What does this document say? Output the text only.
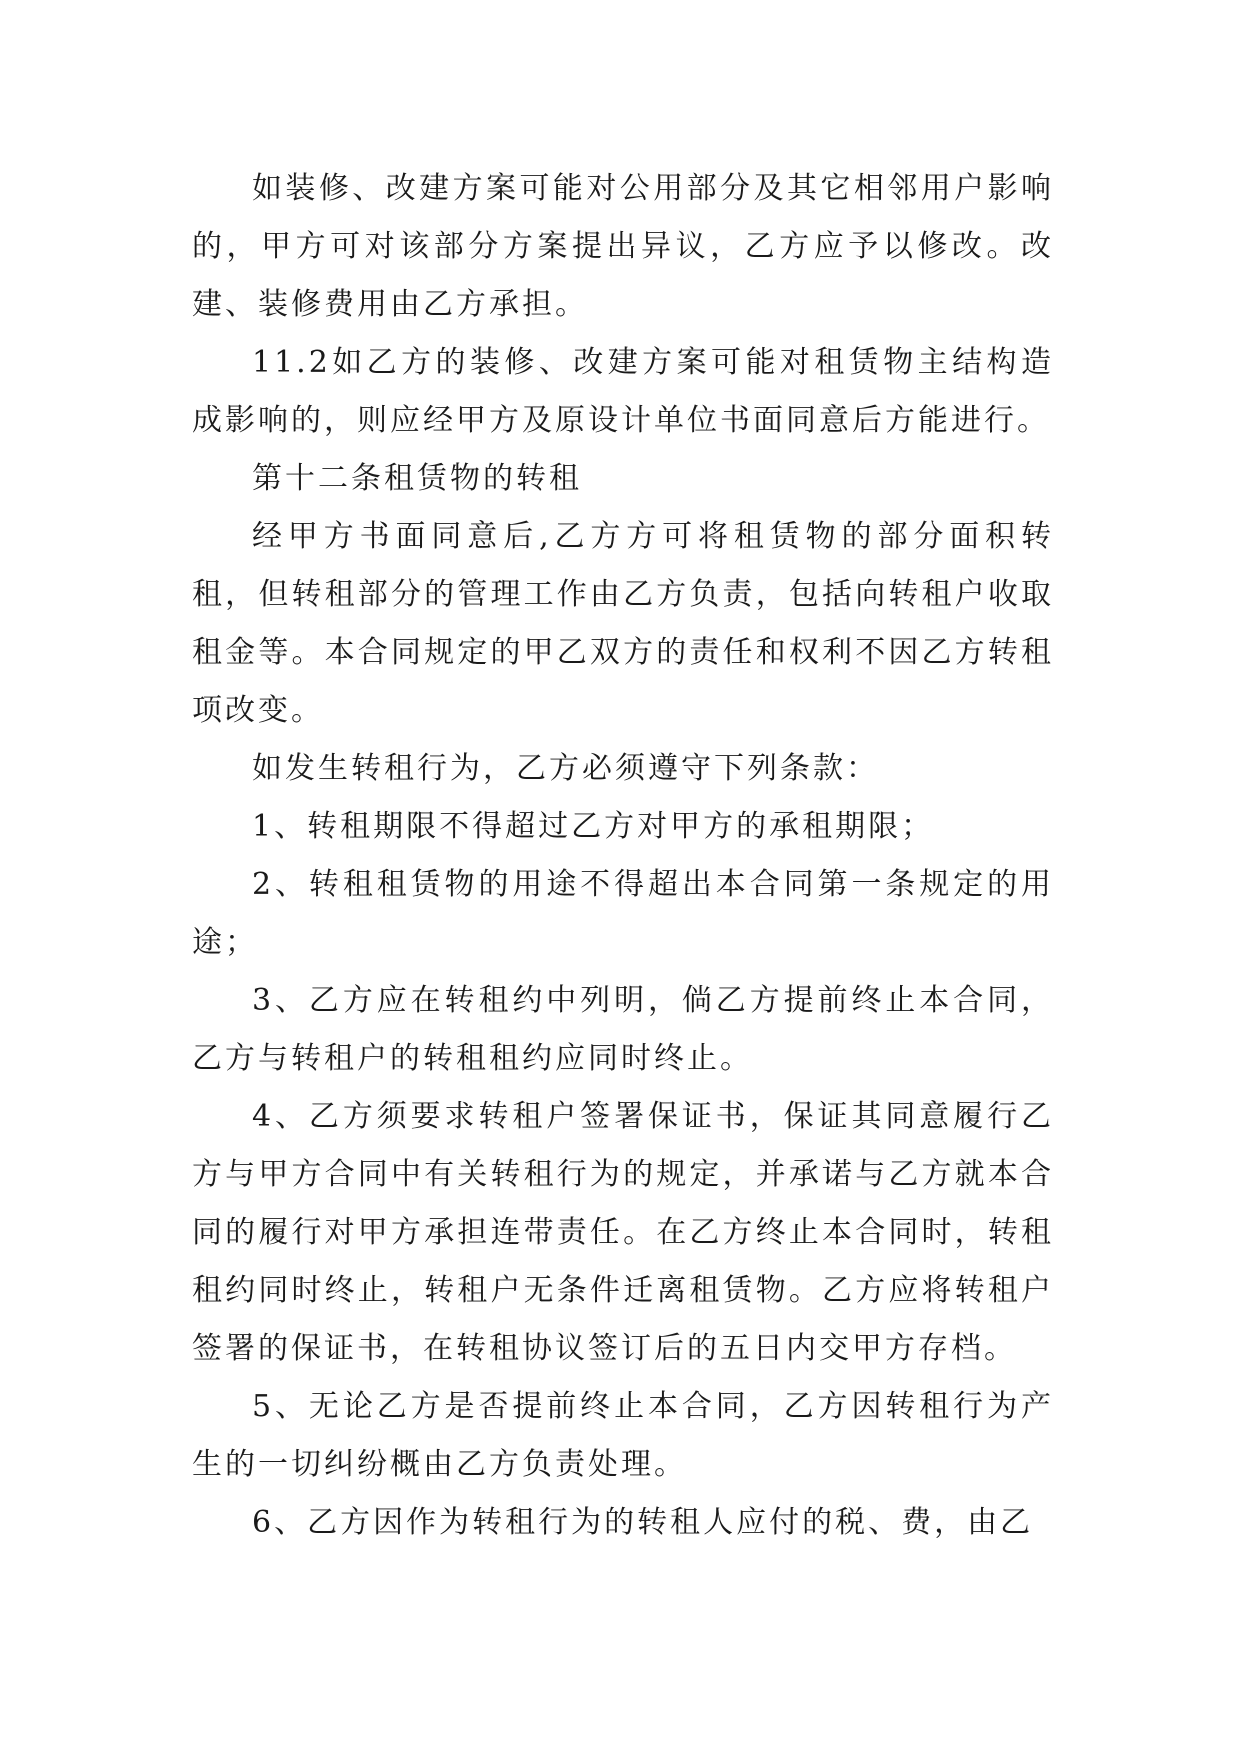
如装修、改建方案可能对公用部分及其它相邻用户影响的，甲方可对该部分方案提出异议，乙方应予以修改。改建、装修费用由乙方承担。

11.2如乙方的装修、改建方案可能对租赁物主结构造成影响的，则应经甲方及原设计单位书面同意后方能进行。

第十二条租赁物的转租

经甲方书面同意后,乙方方可将租赁物的部分面积转租，但转租部分的管理工作由乙方负责，包括向转租户收取租金等。本合同规定的甲乙双方的责任和权利不因乙方转租项改变。

如发生转租行为，乙方必须遵守下列条款：

1、转租期限不得超过乙方对甲方的承租期限；

2、转租租赁物的用途不得超出本合同第一条规定的用途；

3、乙方应在转租约中列明，倘乙方提前终止本合同，乙方与转租户的转租租约应同时终止。

4、乙方须要求转租户签署保证书，保证其同意履行乙方与甲方合同中有关转租行为的规定，并承诺与乙方就本合同的履行对甲方承担连带责任。在乙方终止本合同时，转租租约同时终止，转租户无条件迁离租赁物。乙方应将转租户签署的保证书，在转租协议签订后的五日内交甲方存档。

5、无论乙方是否提前终止本合同，乙方因转租行为产生的一切纠纷概由乙方负责处理。

6、乙方因作为转租行为的转租人应付的税、费，由乙
